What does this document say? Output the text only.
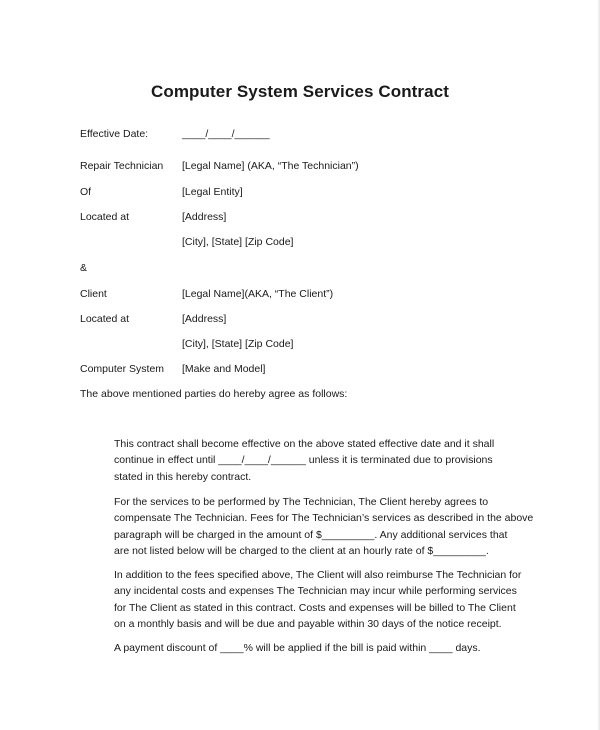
Computer System Services Contract
Effective Date:	____/____/______
Repair Technician [Legal Name] (AKA, “The Technician”)
Of	[Legal Entity]
Located at	[Address]
[City], [State] [Zip Code]
&
Client	[Legal Name](AKA, “The Client”)
Located at	[Address]
[City], [State] [Zip Code]
Computer System [Make and Model]
The above mentioned parties do hereby agree as follows:
This contract shall become effective on the above stated effective date and it shall
continue in effect until ____/____/______ unless it is terminated due to provisions
stated in this hereby contract.
For the services to be performed by The Technician, The Client hereby agrees to
compensate The Technician. Fees for The Technician’s services as described in the above
paragraph will be charged in the amount of $_________. Any additional services that
are not listed below will be charged to the client at an hourly rate of $_________.
In addition to the fees specified above, The Client will also reimburse The Technician for
any incidental costs and expenses The Technician may incur while performing services
for The Client as stated in this contract. Costs and expenses will be billed to The Client
on a monthly basis and will be due and payable within 30 days of the notice receipt.
A payment discount of ____% will be applied if the bill is paid within ____ days.
